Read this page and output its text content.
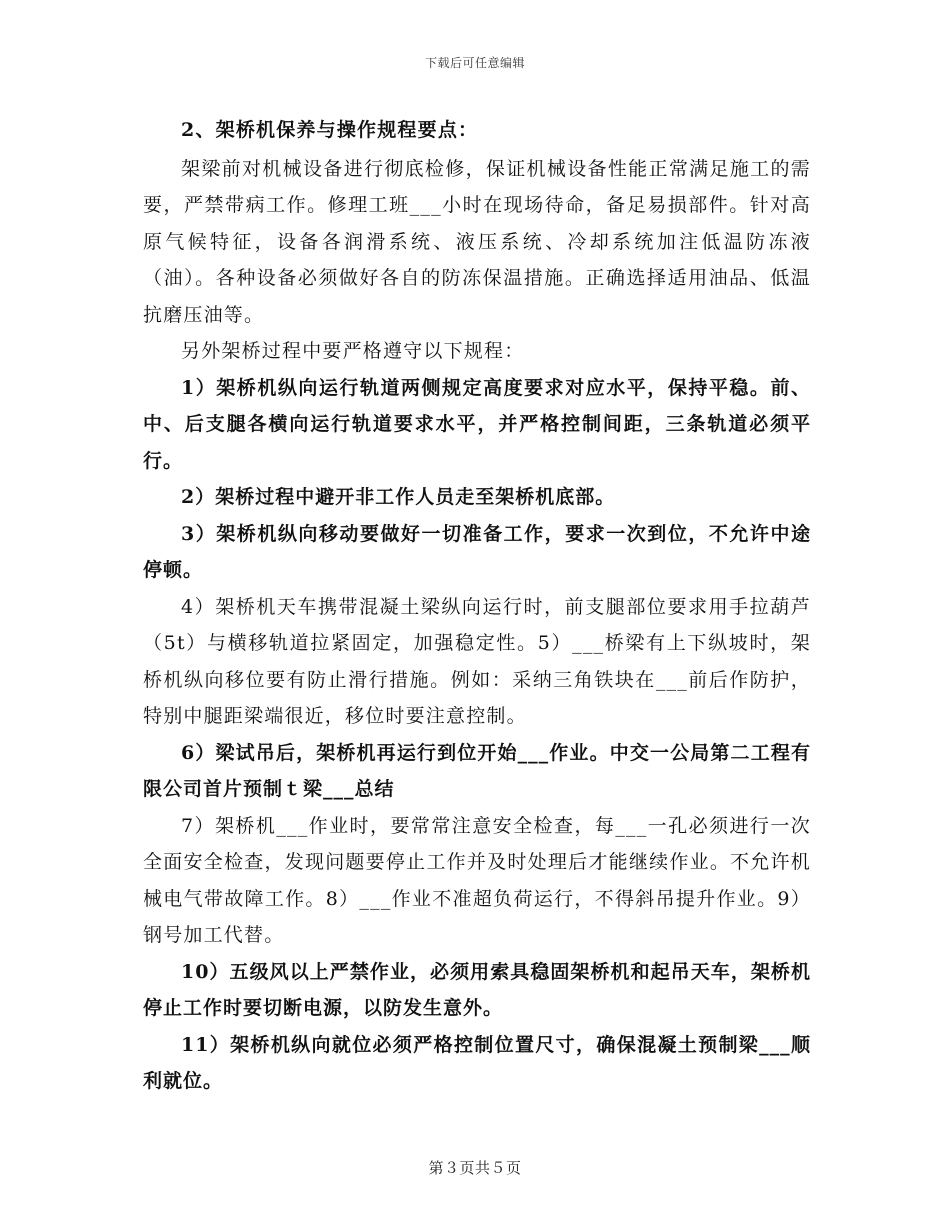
下载后可任意编辑

2、架桥机保养与操作规程要点：

架梁前对机械设备进行彻底检修，保证机械设备性能正常满足施工的需要，严禁带病工作。修理工班___小时在现场待命，备足易损部件。针对高原气候特征，设备各润滑系统、液压系统、冷却系统加注低温防冻液（油）。各种设备必须做好各自的防冻保温措施。正确选择适用油品、低温抗磨压油等。

另外架桥过程中要严格遵守以下规程：

1）架桥机纵向运行轨道两侧规定高度要求对应水平，保持平稳。前、中、后支腿各横向运行轨道要求水平，并严格控制间距，三条轨道必须平行。

2）架桥过程中避开非工作人员走至架桥机底部。

3）架桥机纵向移动要做好一切准备工作，要求一次到位，不允许中途停顿。

4）架桥机天车携带混凝土梁纵向运行时，前支腿部位要求用手拉葫芦（5t）与横移轨道拉紧固定，加强稳定性。5）___桥梁有上下纵坡时，架桥机纵向移位要有防止滑行措施。例如：采纳三角铁块在___前后作防护，特别中腿距梁端很近，移位时要注意控制。

6）梁试吊后，架桥机再运行到位开始___作业。中交一公局第二工程有限公司首片预制ｔ梁___总结

7）架桥机___作业时，要常常注意安全检查，每___一孔必须进行一次全面安全检查，发现问题要停止工作并及时处理后才能继续作业。不允许机械电气带故障工作。8）___作业不准超负荷运行，不得斜吊提升作业。9）钢号加工代替。

10）五级风以上严禁作业，必须用索具稳固架桥机和起吊天车，架桥机停止工作时要切断电源，以防发生意外。

11）架桥机纵向就位必须严格控制位置尺寸，确保混凝土预制梁___顺利就位。

第３页共５页
